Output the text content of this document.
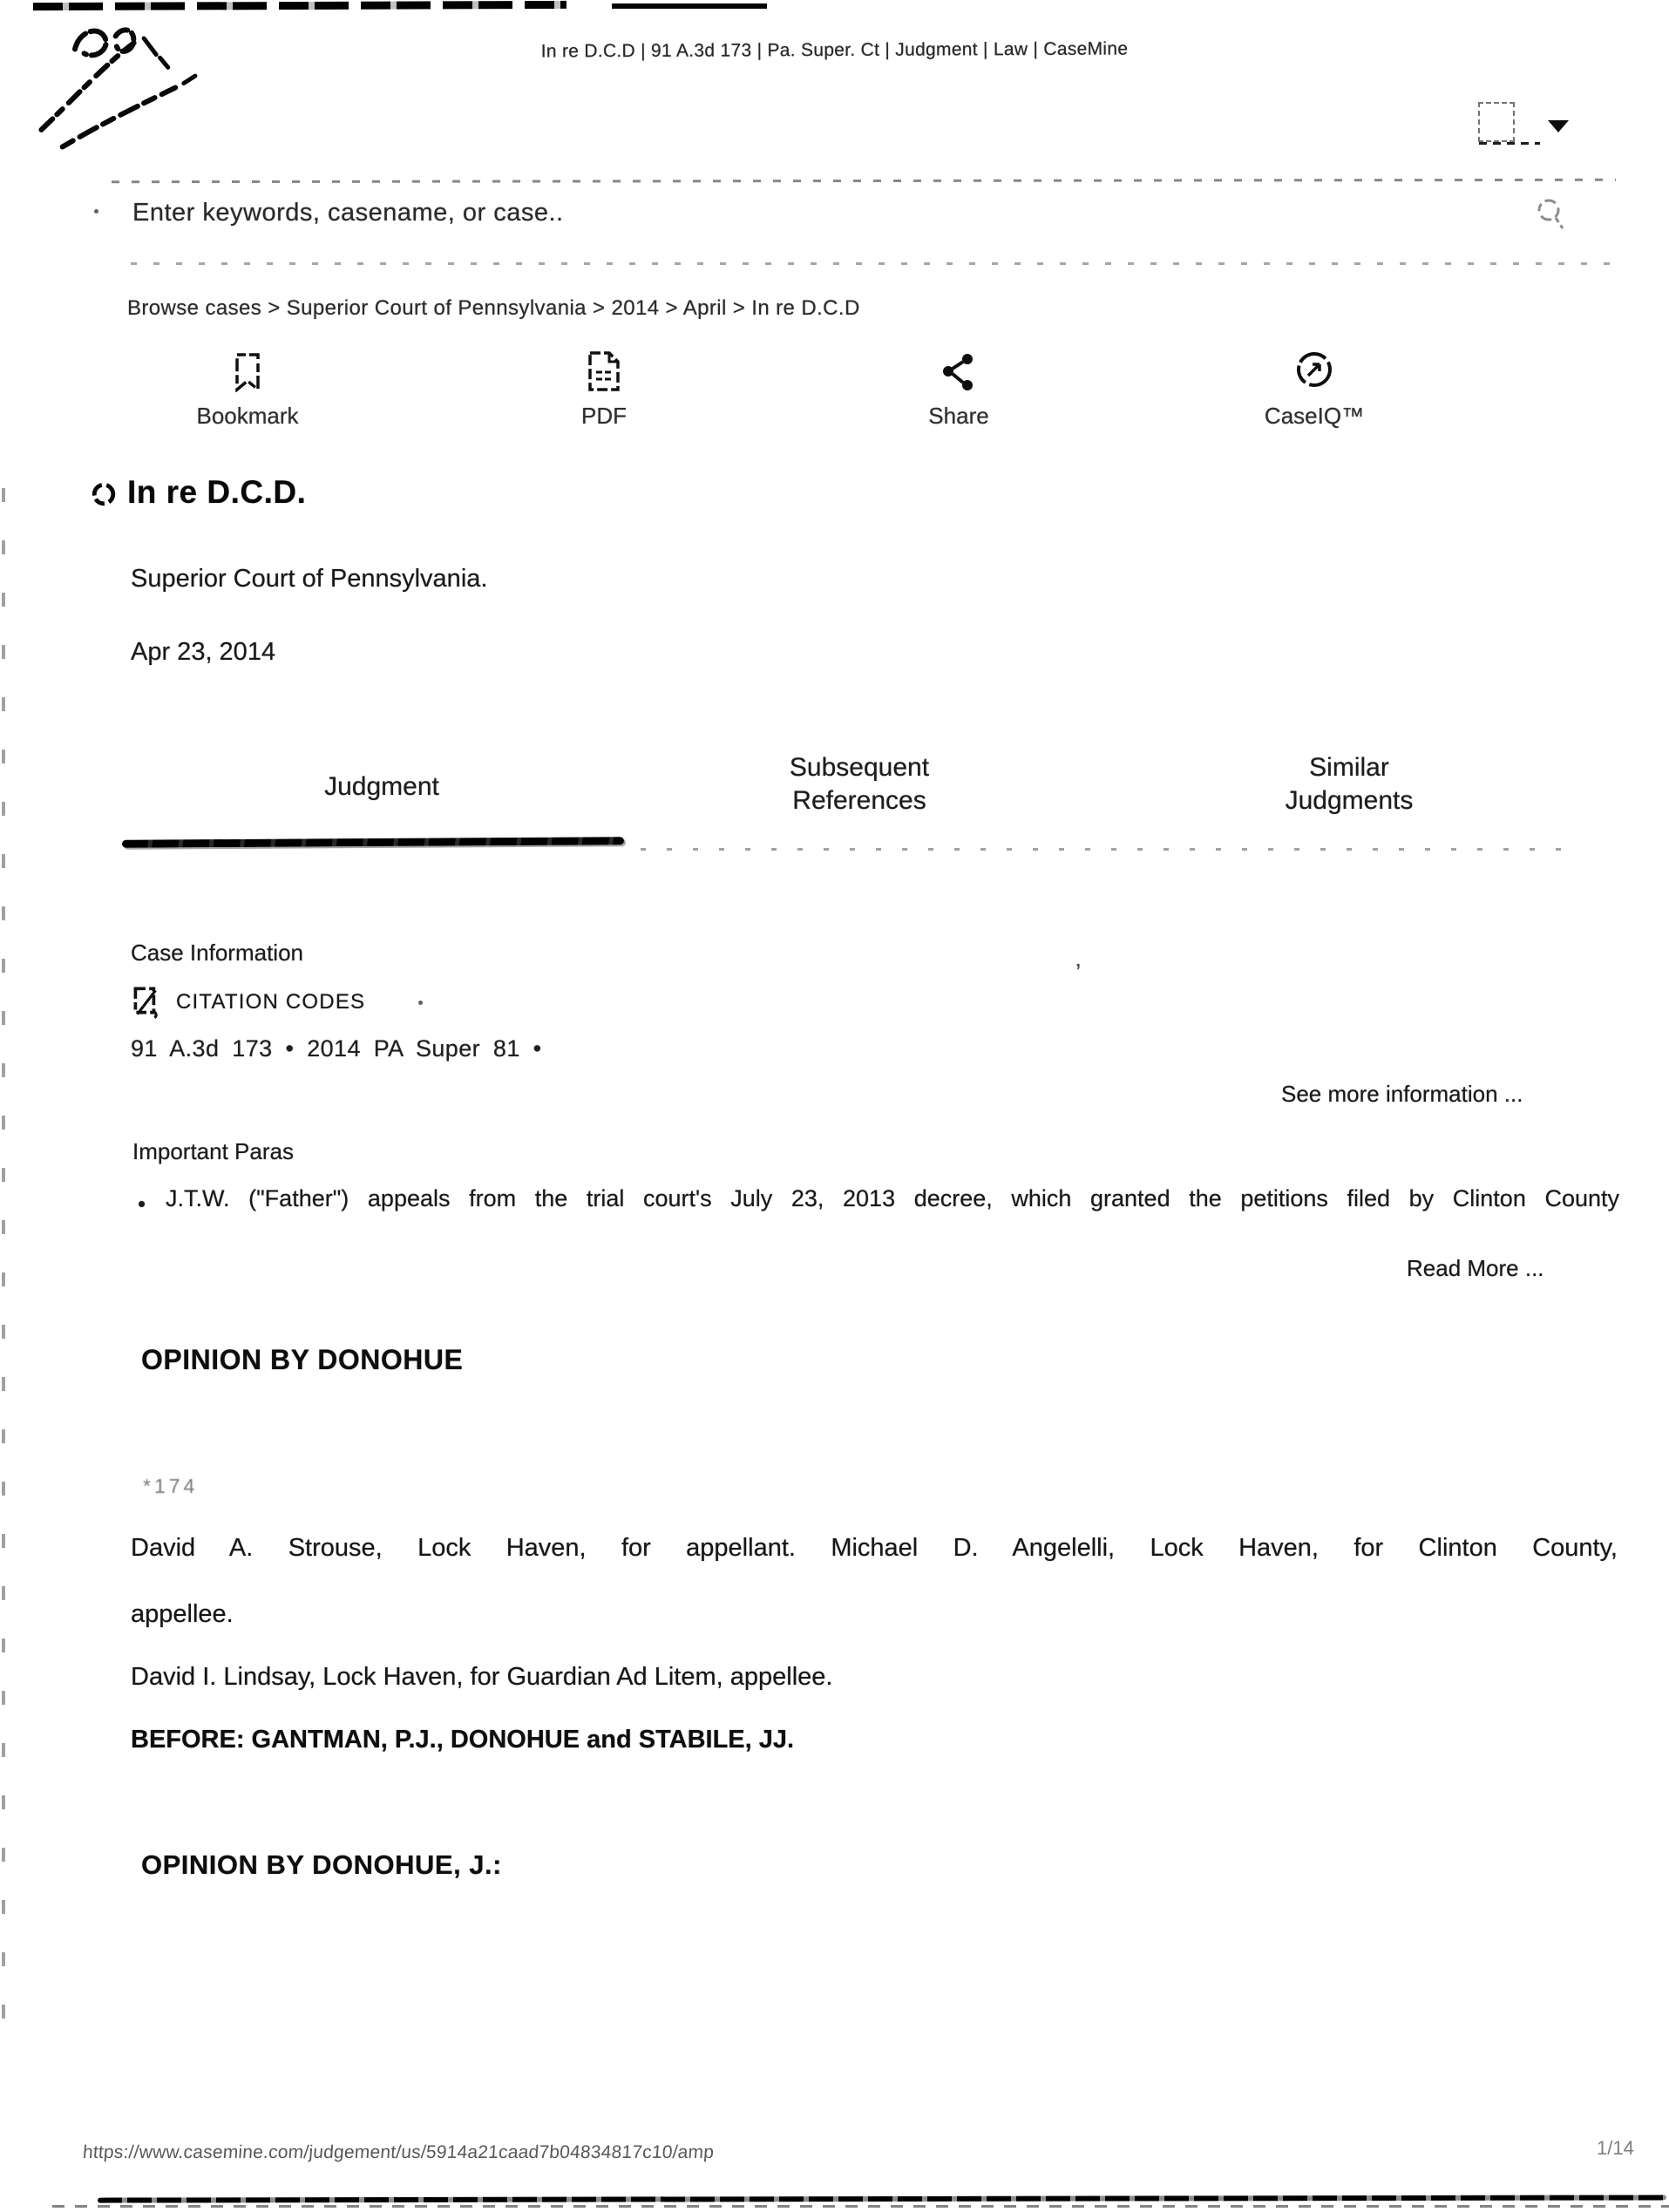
In re D.C.D | 91 A.3d 173 | Pa. Super. Ct | Judgment | Law | CaseMine
Enter keywords, casename, or case..
Browse cases > Superior Court of Pennsylvania > 2014 > April > In re D.C.D
Bookmark	PDF	Share	CaseIQ™
In re D.C.D.
Superior Court of Pennsylvania.
Apr 23, 2014
Judgment
Subsequent References
Similar Judgments
Case Information
’
CITATION CODES
91 A.3d 173 • 2014 PA Super 81 •
See more information ...
Important Paras
• J.T.W. ("Father") appeals from the trial court's July 23, 2013 decree, which granted the petitions filed by Clinton County
Read More ...
OPINION BY DONOHUE
*174
David A. Strouse, Lock Haven, for appellant. Michael D. Angelelli, Lock Haven, for Clinton County,
appellee.
David I. Lindsay, Lock Haven, for Guardian Ad Litem, appellee.
BEFORE: GANTMAN, P.J., DONOHUE and STABILE, JJ.
OPINION BY DONOHUE, J.:
https://www.casemine.com/judgement/us/5914a21caad7b04834817c10/amp	1/14
